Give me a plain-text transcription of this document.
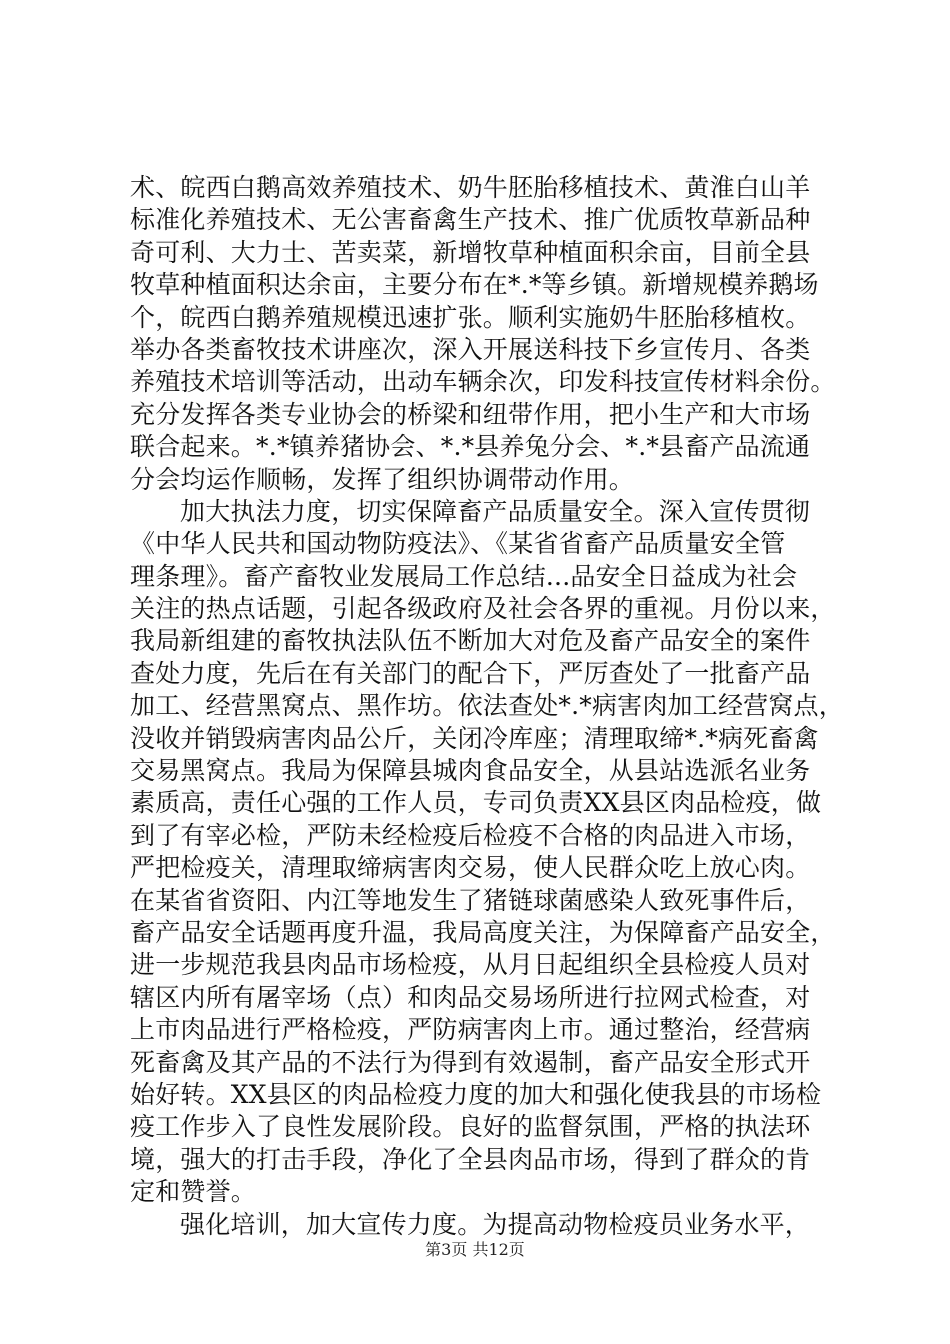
术、皖西白鹅高效养殖技术、奶牛胚胎移植技术、黄淮白山羊
标准化养殖技术、无公害畜禽生产技术、推广优质牧草新品种
奇可利、大力士、苦卖菜，新增牧草种植面积余亩，目前全县
牧草种植面积达余亩，主要分布在*.*等乡镇。新增规模养鹅场
个，皖西白鹅养殖规模迅速扩张。顺利实施奶牛胚胎移植枚。
举办各类畜牧技术讲座次，深入开展送科技下乡宣传月、各类
养殖技术培训等活动，出动车辆余次，印发科技宣传材料余份。
充分发挥各类专业协会的桥梁和纽带作用，把小生产和大市场
联合起来。*.*镇养猪协会、*.*县养兔分会、*.*县畜产品流通
分会均运作顺畅，发挥了组织协调带动作用。
加大执法力度，切实保障畜产品质量安全。深入宣传贯彻
《中华人民共和国动物防疫法》、《某省省畜产品质量安全管
理条理》。畜产畜牧业发展局工作总结...品安全日益成为社会
关注的热点话题，引起各级政府及社会各界的重视。月份以来，
我局新组建的畜牧执法队伍不断加大对危及畜产品安全的案件
查处力度，先后在有关部门的配合下，严厉查处了一批畜产品
加工、经营黑窝点、黑作坊。依法查处*.*病害肉加工经营窝点，
没收并销毁病害肉品公斤，关闭冷库座；清理取缔*.*病死畜禽
交易黑窝点。我局为保障县城肉食品安全，从县站选派名业务
素质高，责任心强的工作人员，专司负责XX县区肉品检疫，做
到了有宰必检，严防未经检疫后检疫不合格的肉品进入市场，
严把检疫关，清理取缔病害肉交易，使人民群众吃上放心肉。
在某省省资阳、内江等地发生了猪链球菌感染人致死事件后，
畜产品安全话题再度升温，我局高度关注，为保障畜产品安全，
进一步规范我县肉品市场检疫，从月日起组织全县检疫人员对
辖区内所有屠宰场（点）和肉品交易场所进行拉网式检查，对
上市肉品进行严格检疫，严防病害肉上市。通过整治，经营病
死畜禽及其产品的不法行为得到有效遏制，畜产品安全形式开
始好转。XX县区的肉品检疫力度的加大和强化使我县的市场检
疫工作步入了良性发展阶段。良好的监督氛围，严格的执法环
境，强大的打击手段，净化了全县肉品市场，得到了群众的肯
定和赞誉。
强化培训，加大宣传力度。为提高动物检疫员业务水平，
第3页 共12页
